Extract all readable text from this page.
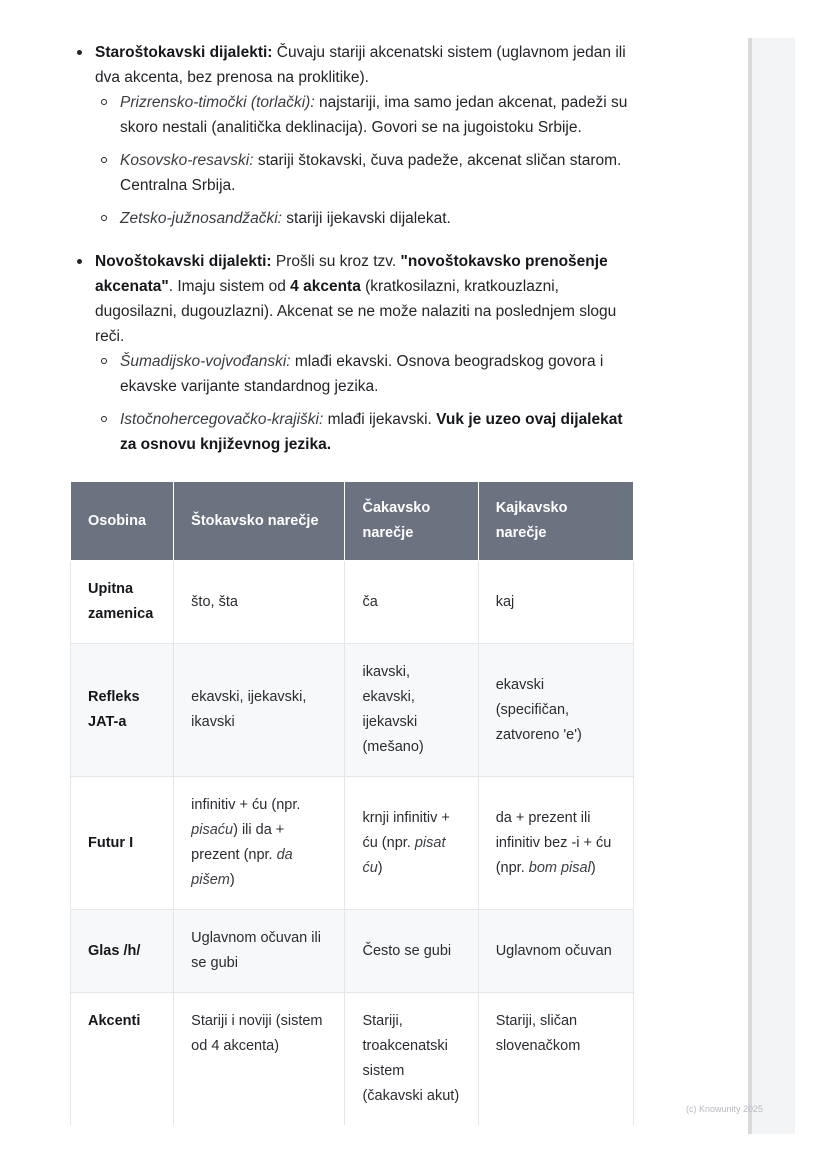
Staroštokavski dijalekti: Čuvaju stariji akcenatski sistem (uglavnom jedan ili dva akcenta, bez prenosa na proklitike).
Prizrensko-timočki (torlački): najstariji, ima samo jedan akcenat, padeži su skoro nestali (analitička deklinacija). Govori se na jugoistoku Srbije.
Kosovsko-resavski: stariji štokavski, čuva padeže, akcenat sličan starom. Centralna Srbija.
Zetsko-južnosandžački: stariji ijekavski dijalekat.
Novoštokavski dijalekti: Prošli su kroz tzv. "novoštokavsko prenošenje akcenata". Imaju sistem od 4 akcenta (kratkosilazni, kratkouzlazni, dugosilazni, dugouzlazni). Akcenat se ne može nalaziti na poslednjem slogu reči.
Šumadijsko-vojvođanski: mlađi ekavski. Osnova beogradskog govora i ekavske varijante standardnog jezika.
Istočnohercegovačko-krajiški: mlađi ijekavski. Vuk je uzeo ovaj dijalekat za osnovu književnog jezika.
Osobina	Štokavsko narečje	Čakavsko narečje	Kajkavsko narečje
Upitna zamenica	što, šta	ča	kaj
Refleks JAT-a	ekavski, ijekavski, ikavski	ikavski, ekavski, ijekavski (mešano)	ekavski (specifičan, zatvoreno 'e')
Futur I	infinitiv + ću (npr. pisaću) ili da + prezent (npr. da pišem)	krnji infinitiv + ću (npr. pisat ću)	da + prezent ili infinitiv bez -i + ću (npr. bom pisal)
Glas /h/	Uglavnom očuvan ili se gubi	Često se gubi	Uglavnom očuvan
Akcenti	Stariji i noviji (sistem od 4 akcenta)	Stariji, troakcenatski sistem (čakavski akut)	Stariji, sličan slovenačkom
(c) Knowunity 2025
